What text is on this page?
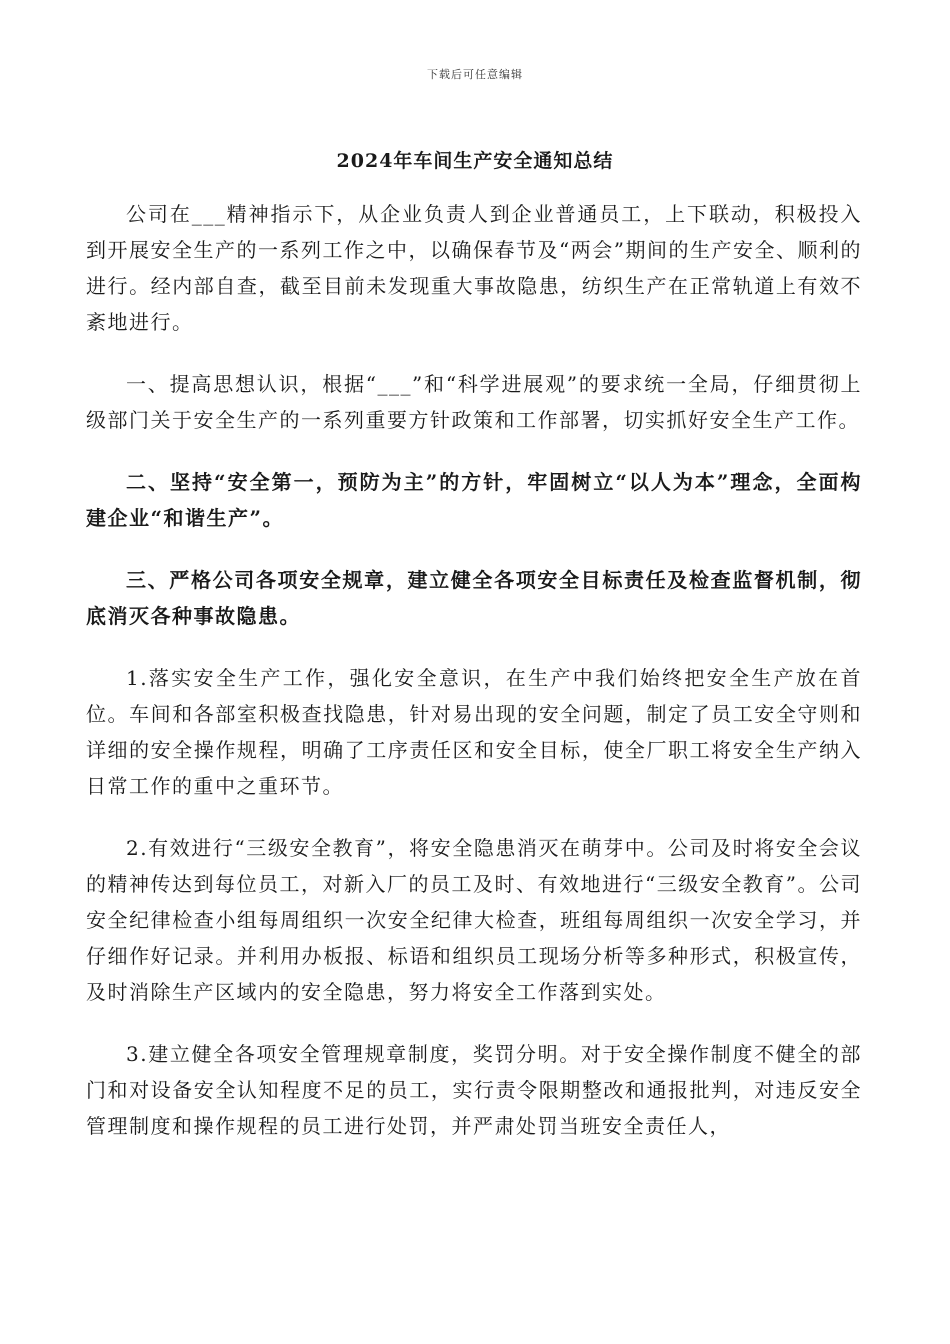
下载后可任意编辑
2024年车间生产安全通知总结

公司在___精神指示下，从企业负责人到企业普通员工，上下联动，积极投入到开展安全生产的一系列工作之中，以确保春节及“两会”期间的生产安全、顺利的进行。经内部自查，截至目前未发现重大事故隐患，纺织生产在正常轨道上有效不紊地进行。

一、提高思想认识，根据“___”和“科学进展观”的要求统一全局，仔细贯彻上级部门关于安全生产的一系列重要方针政策和工作部署，切实抓好安全生产工作。

二、坚持“安全第一，预防为主”的方针，牢固树立“以人为本”理念，全面构建企业“和谐生产”。

三、严格公司各项安全规章，建立健全各项安全目标责任及检查监督机制，彻底消灭各种事故隐患。

1.落实安全生产工作，强化安全意识，在生产中我们始终把安全生产放在首位。车间和各部室积极查找隐患，针对易出现的安全问题，制定了员工安全守则和详细的安全操作规程，明确了工序责任区和安全目标，使全厂职工将安全生产纳入日常工作的重中之重环节。

2.有效进行“三级安全教育”，将安全隐患消灭在萌芽中。公司及时将安全会议的精神传达到每位员工，对新入厂的员工及时、有效地进行“三级安全教育”。公司安全纪律检查小组每周组织一次安全纪律大检查，班组每周组织一次安全学习，并仔细作好记录。并利用办板报、标语和组织员工现场分析等多种形式，积极宣传，及时消除生产区域内的安全隐患，努力将安全工作落到实处。

3.建立健全各项安全管理规章制度，奖罚分明。对于安全操作制度不健全的部门和对设备安全认知程度不足的员工，实行责令限期整改和通报批判，对违反安全管理制度和操作规程的员工进行处罚，并严肃处罚当班安全责任人，
